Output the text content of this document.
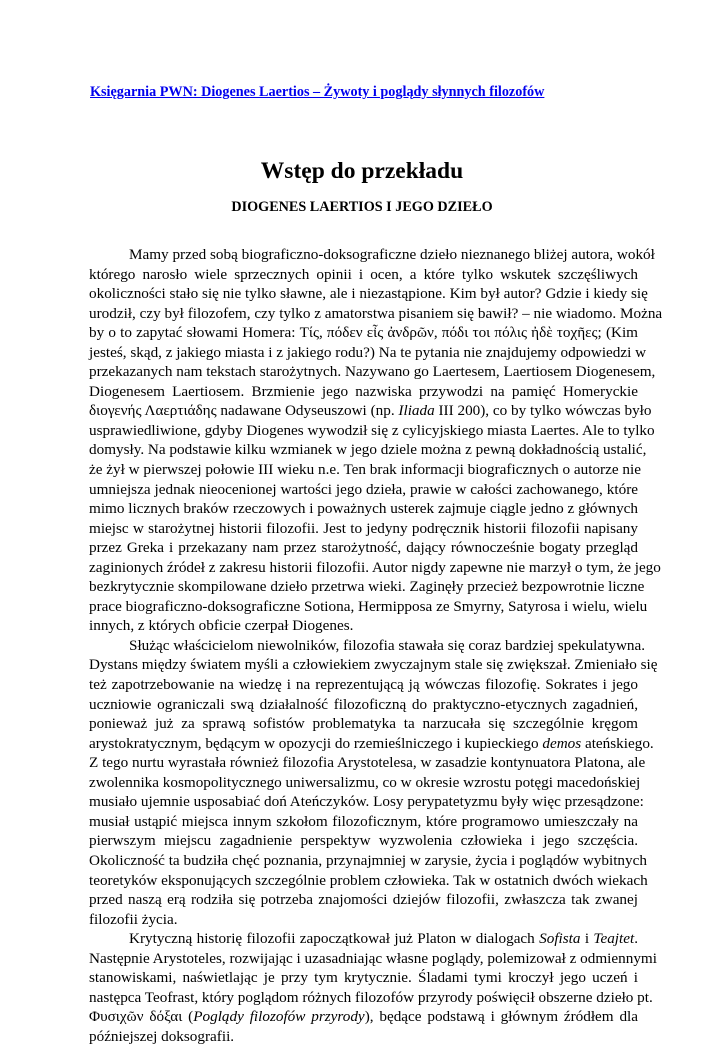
Księgarnia PWN: Diogenes Laertios – Żywoty i poglądy słynnych filozofów
Wstęp do przekładu
DIOGENES LAERTIOS I JEGO DZIEŁO
Mamy przed sobą biograficzno-doksograficzne dzieło nieznanego bliżej autora, wokół
którego narosło wiele sprzecznych opinii i ocen, a które tylko wskutek szczęśliwych
okoliczności stało się nie tylko sławne, ale i niezastąpione. Kim był autor? Gdzie i kiedy się
urodził, czy był filozofem, czy tylko z amatorstwa pisaniem się bawił? – nie wiadomo. Można
by o to zapytać słowami Homera: Τίς, πόδεν εἶς ἀνδρῶν, πόδι τοι πόλις ἠδὲ τοχῆες; (Kim
jesteś, skąd, z jakiego miasta i z jakiego rodu?) Na te pytania nie znajdujemy odpowiedzi w
przekazanych nam tekstach starożytnych. Nazywano go Laertesem, Laertiosem Diogenesem,
Diogenesem Laertiosem. Brzmienie jego nazwiska przywodzi na pamięć Homeryckie
διογενής Λαερτιάδης nadawane Odyseuszowi (np. Iliada III 200), co by tylko wówczas było
usprawiedliwione, gdyby Diogenes wywodził się z cylicyjskiego miasta Laertes. Ale to tylko
domysły. Na podstawie kilku wzmianek w jego dziele można z pewną dokładnością ustalić,
że żył w pierwszej połowie III wieku n.e. Ten brak informacji biograficznych o autorze nie
umniejsza jednak nieocenionej wartości jego dzieła, prawie w całości zachowanego, które
mimo licznych braków rzeczowych i poważnych usterek zajmuje ciągle jedno z głównych
miejsc w starożytnej historii filozofii. Jest to jedyny podręcznik historii filozofii napisany
przez Greka i przekazany nam przez starożytność, dający równocześnie bogaty przegląd
zaginionych źródeł z zakresu historii filozofii. Autor nigdy zapewne nie marzył o tym, że jego
bezkrytycznie skompilowane dzieło przetrwa wieki. Zaginęły przecież bezpowrotnie liczne
prace biograficzno-doksograficzne Sotiona, Hermipposa ze Smyrny, Satyrosa i wielu, wielu
innych, z których obficie czerpał Diogenes.
Służąc właścicielom niewolników, filozofia stawała się coraz bardziej spekulatywna.
Dystans między światem myśli a człowiekiem zwyczajnym stale się zwiększał. Zmieniało się
też zapotrzebowanie na wiedzę i na reprezentującą ją wówczas filozofię. Sokrates i jego
uczniowie ograniczali swą działalność filozoficzną do praktyczno-etycznych zagadnień,
ponieważ już za sprawą sofistów problematyka ta narzucała się szczególnie kręgom
arystokratycznym, będącym w opozycji do rzemieślniczego i kupieckiego demos ateńskiego.
Z tego nurtu wyrastała również filozofia Arystotelesa, w zasadzie kontynuatora Platona, ale
zwolennika kosmopolitycznego uniwersalizmu, co w okresie wzrostu potęgi macedońskiej
musiało ujemnie usposabiać doń Ateńczyków. Losy perypatetyzmu były więc przesądzone:
musiał ustąpić miejsca innym szkołom filozoficznym, które programowo umieszczały na
pierwszym miejscu zagadnienie perspektyw wyzwolenia człowieka i jego szczęścia.
Okoliczność ta budziła chęć poznania, przynajmniej w zarysie, życia i poglądów wybitnych
teoretyków eksponujących szczególnie problem człowieka. Tak w ostatnich dwóch wiekach
przed naszą erą rodziła się potrzeba znajomości dziejów filozofii, zwłaszcza tak zwanej
filozofii życia.
Krytyczną historię filozofii zapoczątkował już Platon w dialogach Sofista i Teajtet.
Następnie Arystoteles, rozwijając i uzasadniając własne poglądy, polemizował z odmiennymi
stanowiskami, naświetlając je przy tym krytycznie. Śladami tymi kroczył jego uczeń i
następca Teofrast, który poglądom różnych filozofów przyrody poświęcił obszerne dzieło pt.
Φυσιχῶν δόξαι (Poglądy filozofów przyrody), będące podstawą i głównym źródłem dla
późniejszej doksografii.
